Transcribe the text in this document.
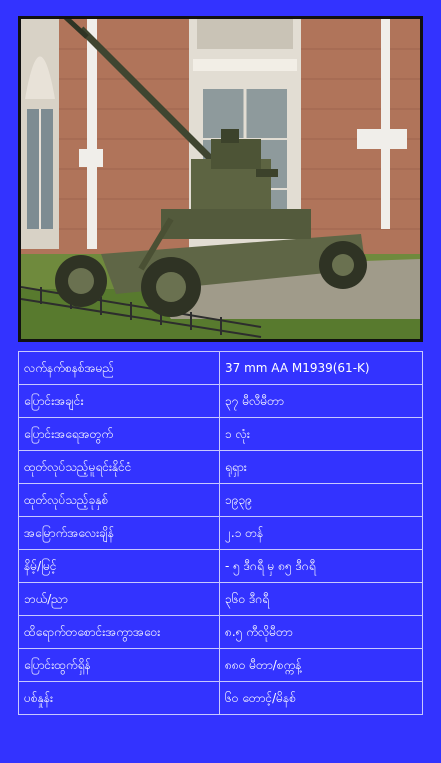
လက်နက်စနစ်အမည်	37 mm AA M1939(61-K)
ပြောင်းအချင်း	၃၇ မီလီမီတာ
ပြောင်းအရေအတွက်	၁ လုံး
ထုတ်လုပ်သည့်မူရင်းနိုင်ငံ	ရုရှား
ထုတ်လုပ်သည့်ခုနှစ်	၁၉၃၉
အမြောက်အလေးချိန်	၂.၁ တန်
နိမ့်/မြင့်	- ၅ ဒီဂရီ မှ ၈၅ ဒီဂရီ
ဘယ်/ညာ	၃၆၀ ဒီဂရီ
ထိရောက်တစောင်းအကွာအဝေး	၈.၅ ကီလိုမီတာ
ပြောင်းထွက်ရှိန်	၈၈၀ မီတာ/စက္ကန့်
ပစ်နှုန်း	၆၀ တောင့်/မိနစ်
